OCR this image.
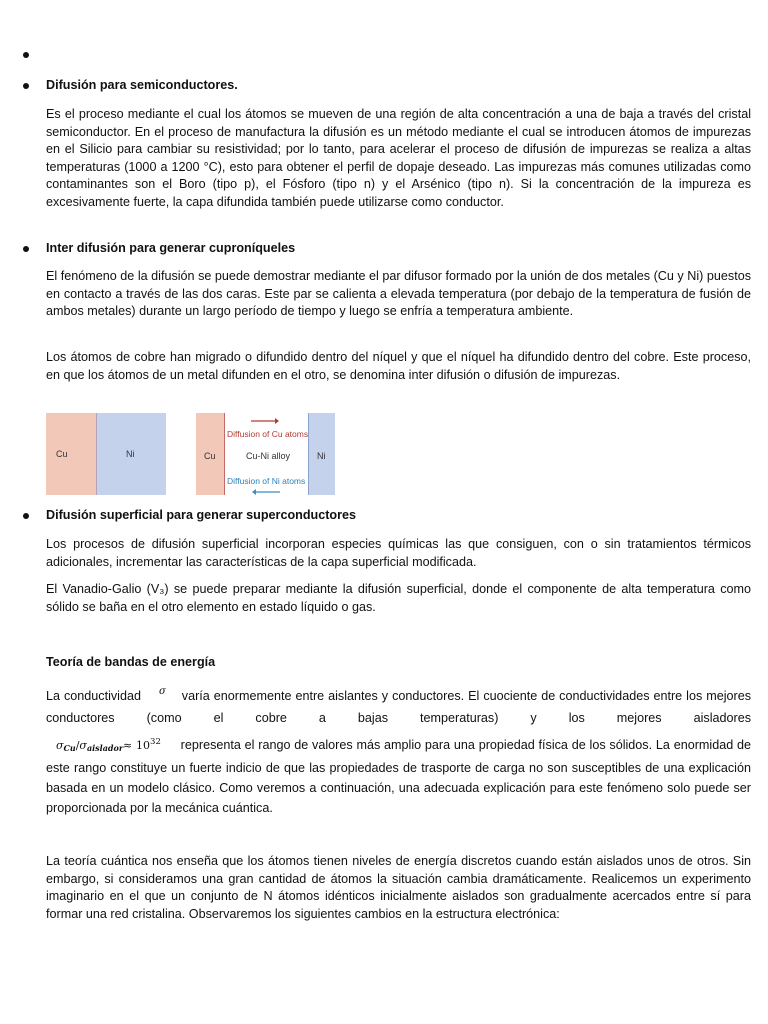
Difusión para semiconductores.

Es el proceso mediante el cual los átomos se mueven de una región de alta concentración a una de baja a través del cristal semiconductor. En el proceso de manufactura la difusión es un método mediante el cual se introducen átomos de impurezas en el Silicio para cambiar su resistividad; por lo tanto, para acelerar el proceso de difusión de impurezas se realiza a altas temperaturas (1000 a 1200 °C), esto para obtener el perfil de dopaje deseado. Las impurezas más comunes utilizadas como contaminantes son el Boro (tipo p), el Fósforo (tipo n) y el Arsénico (tipo n). Si la concentración de la impureza es excesivamente fuerte, la capa difundida también puede utilizarse como conductor.

Inter difusión para generar cuproníqueles

El fenómeno de la difusión se puede demostrar mediante el par difusor formado por la unión de dos metales (Cu y Ni) puestos en contacto a través de las dos caras. Este par se calienta a elevada temperatura (por debajo de la temperatura de fusión de ambos metales) durante un largo período de tiempo y luego se enfría a temperatura ambiente.

Los átomos de cobre han migrado o difundido dentro del níquel y que el níquel ha difundido dentro del cobre. Este proceso, en que los átomos de un metal difunden en el otro, se denomina inter difusión o difusión de impurezas.

Cu	Ni	Cu	Cu-Ni alloy	Ni
Diffusion of Cu atoms
Diffusion of Ni atoms
Difusión superficial para generar superconductores

Los procesos de difusión superficial incorporan especies químicas las que consiguen, con o sin tratamientos térmicos adicionales, incrementar las características de la capa superficial modificada.

El Vanadio-Galio (V₃) se puede preparar mediante la difusión superficial, donde el componente de alta temperatura como sólido se baña en el otro elemento en estado líquido o gas.

Teoría de bandas de energía
La conductividad $^\sigma$ varía enormemente entre aislantes y conductores. El cuociente de conductividades entre los mejores conductores (como el cobre a bajas temperaturas) y los mejores aisladores
$\sigma_{Cu}/\sigma_{aislador}\approx 10^{32}$ representa el rango de valores más amplio para una propiedad física de los sólidos. La enormidad de este rango constituye un fuerte indicio de que las propiedades de trasporte de carga no son susceptibles de una explicación basada en un modelo clásico. Como veremos a continuación, una adecuada explicación para este fenómeno solo puede ser proporcionada por la mecánica cuántica.

La teoría cuántica nos enseña que los átomos tienen niveles de energía discretos cuando están aislados unos de otros. Sin embargo, si consideramos una gran cantidad de átomos la situación cambia dramáticamente. Realicemos un experimento imaginario en el que un conjunto de N átomos idénticos inicialmente aislados son gradualmente acercados entre sí para formar una red cristalina. Observaremos los siguientes cambios en la estructura electrónica:
